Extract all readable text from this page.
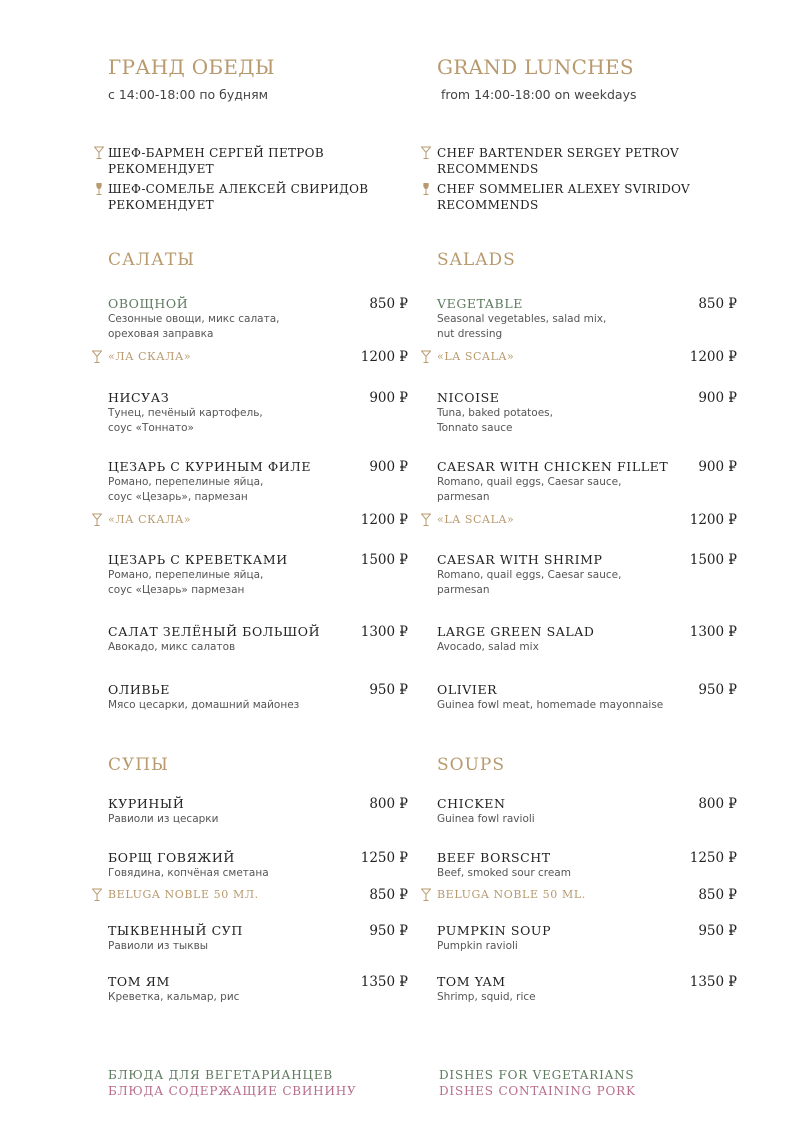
ГРАНД ОБЕДЫ
с 14:00-18:00 по будням
ШЕФ-БАРМЕН СЕРГЕЙ ПЕТРОВ
РЕКОМЕНДУЕТ
ШЕФ-СОМЕЛЬЕ АЛЕКСЕЙ СВИРИДОВ
РЕКОМЕНДУЕТ
САЛАТЫ
ОВОЩНОЙ
Сезонные овощи, микс салата,
ореховая заправка
850 ₽
«ЛА СКАЛА»	1200 ₽
НИСУАЗ
Тунец, печёный картофель,
соус «Тоннато»
900 ₽
ЦЕЗАРЬ С КУРИНЫМ ФИЛЕ
Романо, перепелиные яйца,
соус «Цезарь», пармезан
900 ₽
«ЛА СКАЛА»	1200 ₽
ЦЕЗАРЬ С КРЕВЕТКАМИ
Романо, перепелиные яйца,
соус «Цезарь» пармезан
1500 ₽
САЛАТ ЗЕЛЁНЫЙ БОЛЬШОЙ
Авокадо, микс салатов
1300 ₽
ОЛИВЬЕ
Мясо цесарки, домашний майонез
950 ₽
СУПЫ
КУРИНЫЙ
Равиоли из цесарки
800 ₽
БОРЩ ГОВЯЖИЙ
Говядина, копчёная сметана
1250 ₽
BELUGA NOBLE 50 МЛ.	850 ₽
ТЫКВЕННЫЙ СУП
Равиоли из тыквы
950 ₽
ТОМ ЯМ
Креветка, кальмар, рис
1350 ₽
БЛЮДА ДЛЯ ВЕГЕТАРИАНЦЕВ
БЛЮДА СОДЕРЖАЩИЕ СВИНИНУ
GRAND LUNCHES
from 14:00-18:00 on weekdays
CHEF BARTENDER SERGEY PETROV
RECOMMENDS
CHEF SOMMELIER ALEXEY SVIRIDOV
RECOMMENDS
SALADS
VEGETABLE
Seasonal vegetables, salad mix,
nut dressing
850 ₽
«LA SCALA»	1200 ₽
NICOISE
Tuna, baked potatoes,
Tonnato sauce
900 ₽
CAESAR WITH CHICKEN FILLET
Romano, quail eggs, Caesar sauce,
parmesan
900 ₽
«LA SCALA»	1200 ₽
CAESAR WITH SHRIMP
Romano, quail eggs, Caesar sauce,
parmesan
1500 ₽
LARGE GREEN SALAD
Avocado, salad mix
1300 ₽
OLIVIER
Guinea fowl meat, homemade mayonnaise
950 ₽
SOUPS
CHICKEN
Guinea fowl ravioli
800 ₽
BEEF BORSCHT
Beef, smoked sour cream
1250 ₽
BELUGA NOBLE 50 ML.	850 ₽
PUMPKIN SOUP
Pumpkin ravioli
950 ₽
TOM YAM
Shrimp, squid, rice
1350 ₽
DISHES FOR VEGETARIANS
DISHES CONTAINING PORK
